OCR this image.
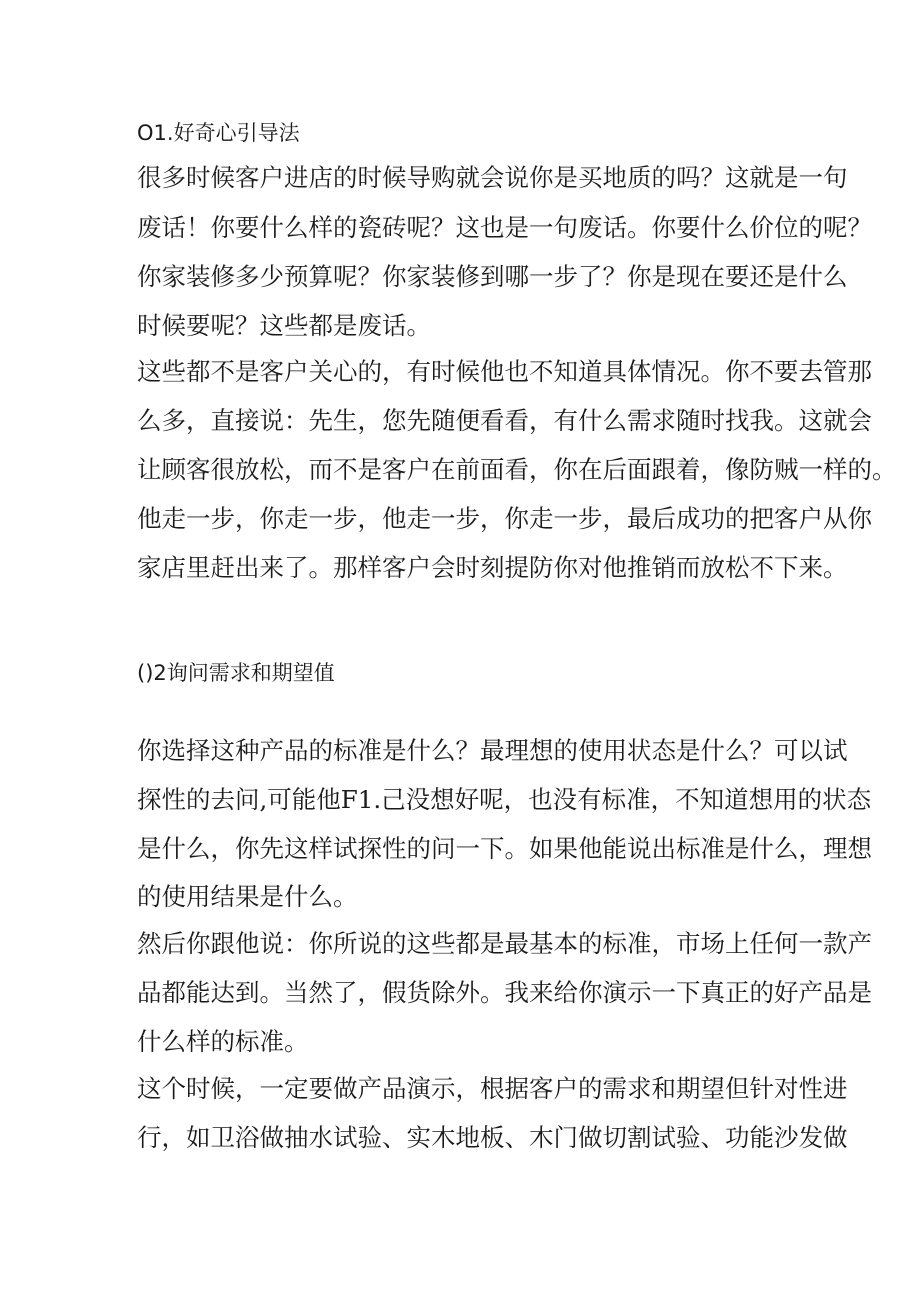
O1.好奇心引导法
很多时候客户进店的时候导购就会说你是买地质的吗？这就是一句
废话！你要什么样的瓷砖呢？这也是一句废话。你要什么价位的呢？
你家装修多少预算呢？你家装修到哪一步了？你是现在要还是什么
时候要呢？这些都是废话。
这些都不是客户关心的，有时候他也不知道具体情况。你不要去管那
么多，直接说：先生，您先随便看看，有什么需求随时找我。这就会
让顾客很放松，而不是客户在前面看，你在后面跟着，像防贼一样的。
他走一步，你走一步，他走一步，你走一步，最后成功的把客户从你
家店里赶出来了。那样客户会时刻提防你对他推销而放松不下来。
()2询问需求和期望值
你选择这种产品的标准是什么？最理想的使用状态是什么？可以试
探性的去问,可能他F1.己没想好呢，也没有标准，不知道想用的状态
是什么，你先这样试探性的问一下。如果他能说出标准是什么，理想
的使用结果是什么。
然后你跟他说：你所说的这些都是最基本的标准，市场上任何一款产
品都能达到。当然了，假货除外。我来给你演示一下真正的好产品是
什么样的标准。
这个时候，一定要做产品演示，根据客户的需求和期望但针对性进
行，如卫浴做抽水试验、实木地板、木门做切割试验、功能沙发做
